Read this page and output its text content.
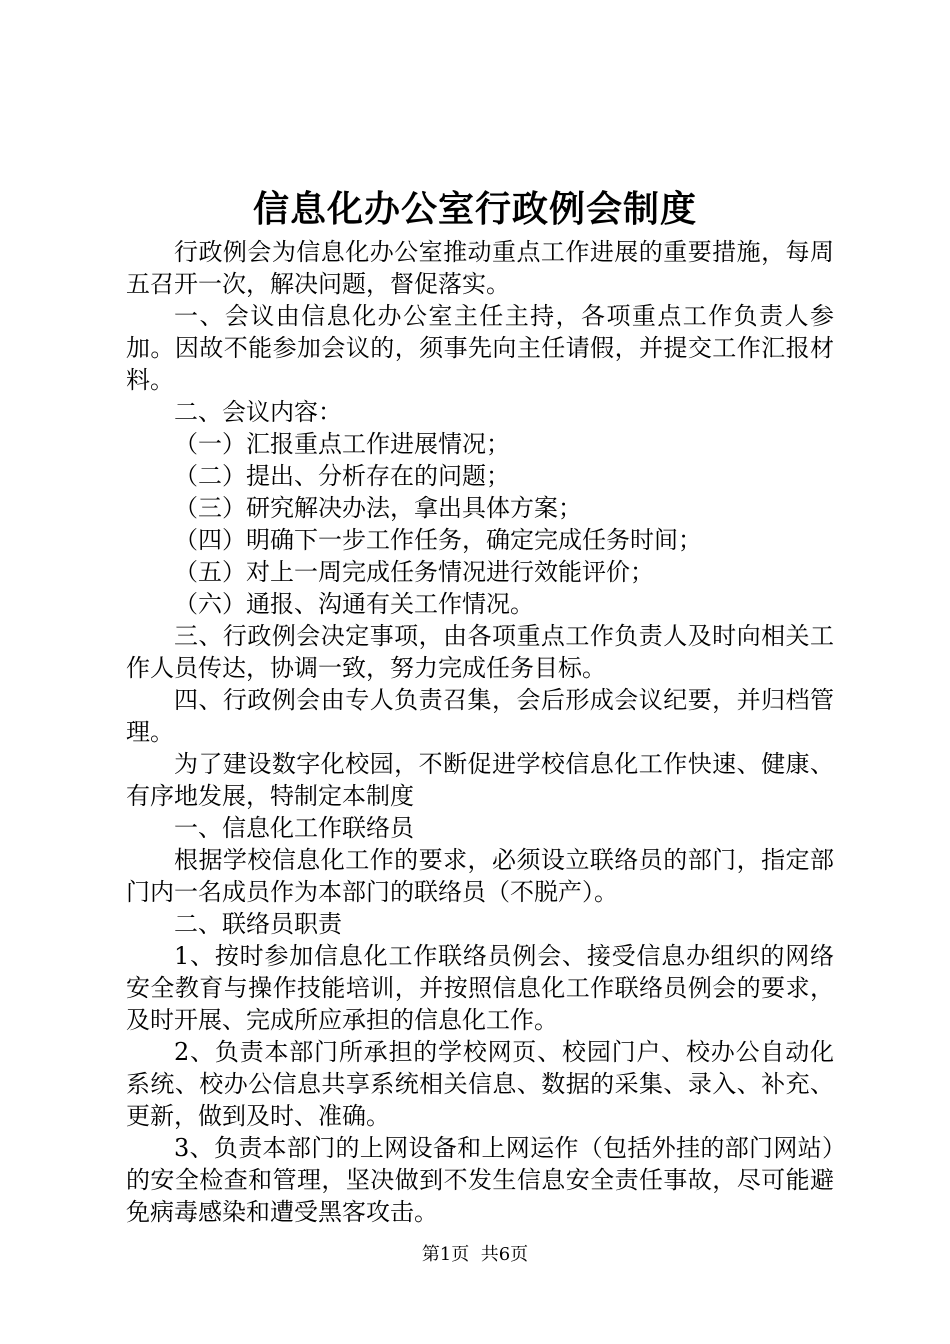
信息化办公室行政例会制度

行政例会为信息化办公室推动重点工作进展的重要措施，每周五召开一次，解决问题，督促落实。

一、会议由信息化办公室主任主持，各项重点工作负责人参加。因故不能参加会议的，须事先向主任请假，并提交工作汇报材料。

二、会议内容：

（一）汇报重点工作进展情况；

（二）提出、分析存在的问题；

（三）研究解决办法，拿出具体方案；

（四）明确下一步工作任务，确定完成任务时间；

（五）对上一周完成任务情况进行效能评价；

（六）通报、沟通有关工作情况。

三、行政例会决定事项，由各项重点工作负责人及时向相关工作人员传达，协调一致，努力完成任务目标。

四、行政例会由专人负责召集，会后形成会议纪要，并归档管理。

为了建设数字化校园，不断促进学校信息化工作快速、健康、有序地发展，特制定本制度

一、信息化工作联络员

根据学校信息化工作的要求，必须设立联络员的部门，指定部门内一名成员作为本部门的联络员（不脱产）。

二、联络员职责

1、按时参加信息化工作联络员例会、接受信息办组织的网络安全教育与操作技能培训，并按照信息化工作联络员例会的要求，及时开展、完成所应承担的信息化工作。

2、负责本部门所承担的学校网页、校园门户、校办公自动化系统、校办公信息共享系统相关信息、数据的采集、录入、补充、更新，做到及时、准确。

3、负责本部门的上网设备和上网运作（包括外挂的部门网站）的安全检查和管理，坚决做到不发生信息安全责任事故，尽可能避免病毒感染和遭受黑客攻击。

第1页 共6页
